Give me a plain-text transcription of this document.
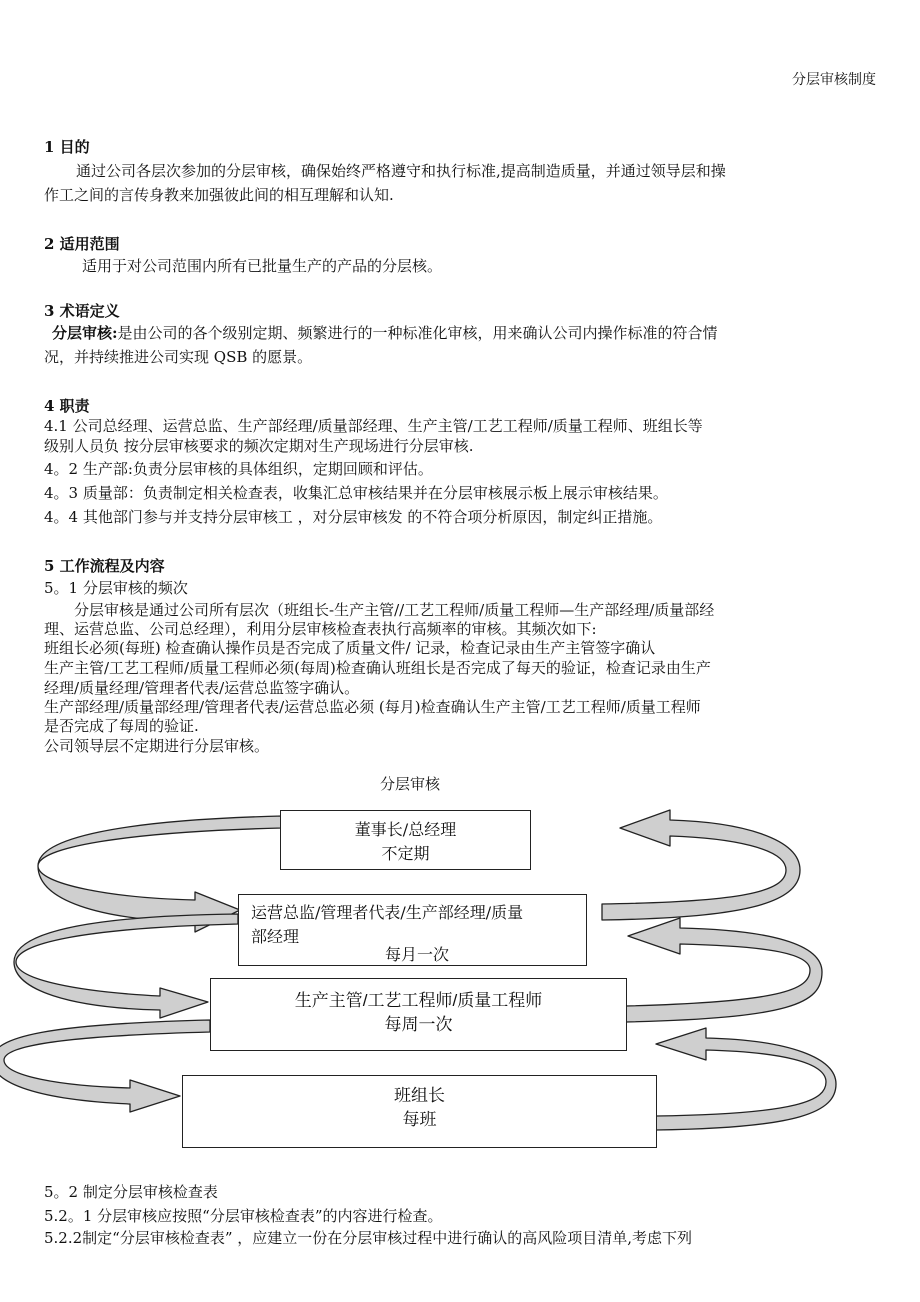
分层审核制度
1 目的
通过公司各层次参加的分层审核，确保始终严格遵守和执行标准,提高制造质量，并通过领导层和操
作工之间的言传身教来加强彼此间的相互理解和认知.
2 适用范围
适用于对公司范围内所有已批量生产的产品的分层核。
3 术语定义
分层审核:是由公司的各个级别定期、频繁进行的一种标准化审核，用来确认公司内操作标准的符合情
况，并持续推进公司实现 QSB 的愿景。
4 职责
4.1 公司总经理、运营总监、生产部经理/质量部经理、生产主管/工艺工程师/质量工程师、班组长等
级别人员负 按分层审核要求的频次定期对生产现场进行分层审核.
4。2 生产部:负责分层审核的具体组织，定期回顾和评估。
4。3 质量部：负责制定相关检查表，收集汇总审核结果并在分层审核展示板上展示审核结果。
4。4 其他部门参与并支持分层审核工 ，对分层审核发 的不符合项分析原因，制定纠正措施。
5 工作流程及内容
5。1 分层审核的频次
分层审核是通过公司所有层次（班组长-生产主管//工艺工程师/质量工程师—生产部经理/质量部经
理、运营总监、公司总经理），利用分层审核检查表执行高频率的审核。其频次如下:
班组长必须(每班) 检查确认操作员是否完成了质量文件/ 记录，检查记录由生产主管签字确认
生产主管/工艺工程师/质量工程师必须(每周)检查确认班组长是否完成了每天的验证，检查记录由生产
经理/质量经理/管理者代表/运营总监签字确认。
生产部经理/质量部经理/管理者代表/运营总监必须 (每月)检查确认生产主管/工艺工程师/质量工程师
是否完成了每周的验证.
公司领导层不定期进行分层审核。
分层审核
董事长/总经理
不定期
运营总监/管理者代表/生产部经理/质量
部经理
每月一次
生产主管/工艺工程师/质量工程师
每周一次
班组长
每班
5。2 制定分层审核检查表
5.2。1 分层审核应按照“分层审核检查表”的内容进行检查。
5.2.2制定“分层审核检查表” ，应建立一份在分层审核过程中进行确认的高风险项目清单,考虑下列
